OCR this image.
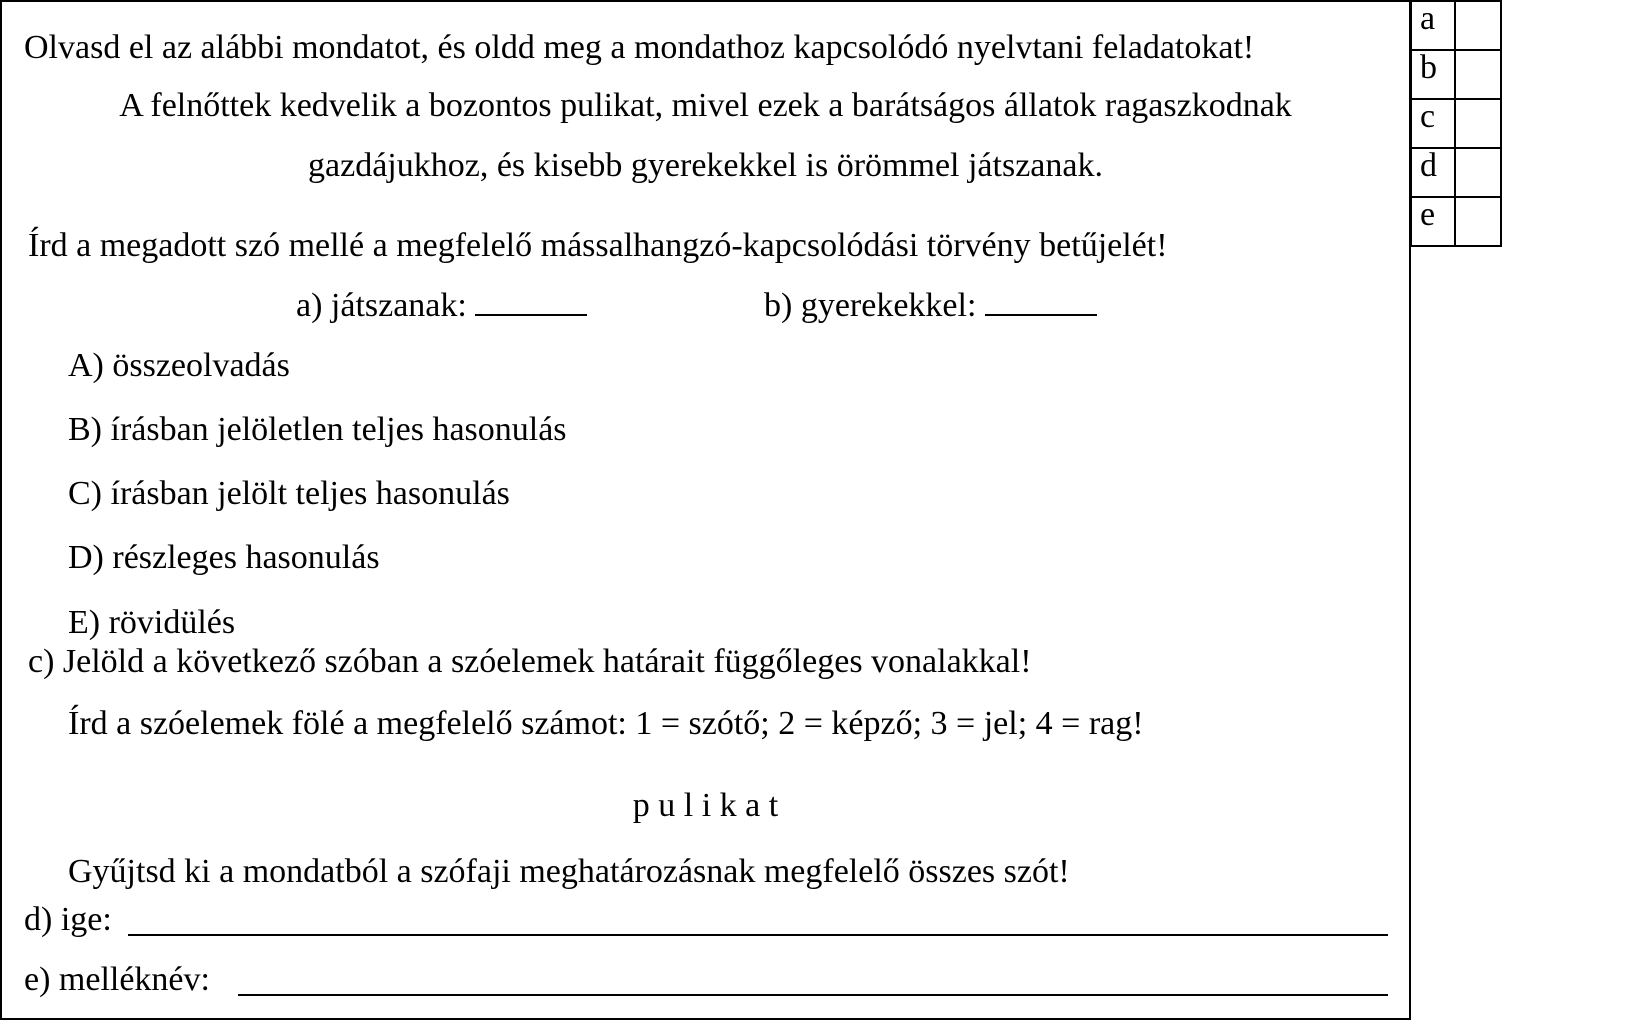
Olvasd el az alábbi mondatot, és oldd meg a mondathoz kapcsolódó nyelvtani feladatokat!
A felnőttek kedvelik a bozontos pulikat, mivel ezek a barátságos állatok ragaszkodnak
gazdájukhoz, és kisebb gyerekekkel is örömmel játszanak.
Írd a megadott szó mellé a megfelelő mássalhangzó-kapcsolódási törvény betűjelét!
a) játszanak:	b) gyerekekkel:
A) összeolvadás
B) írásban jelöletlen teljes hasonulás
C) írásban jelölt teljes hasonulás
D) részleges hasonulás
E) rövidülés
c) Jelöld a következő szóban a szóelemek határait függőleges vonalakkal!
Írd a szóelemek fölé a megfelelő számot: 1 = szótő; 2 = képző; 3 = jel; 4 = rag!
p u l i k a t
Gyűjtsd ki a mondatból a szófaji meghatározásnak megfelelő összes szót!
d) ige:
e) melléknév:
a	
b	
c	
d	
e	
